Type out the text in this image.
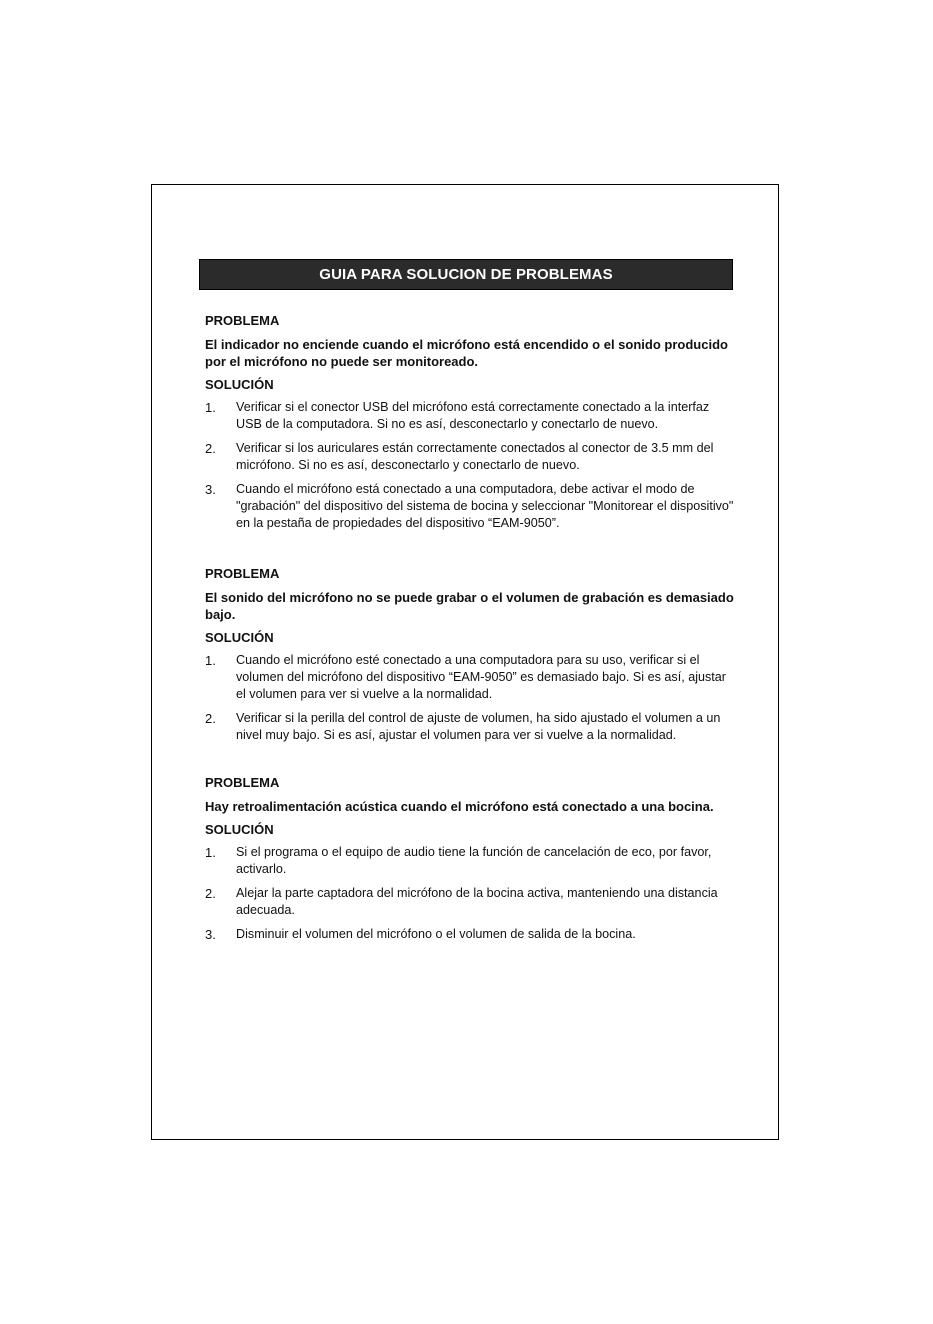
GUIA PARA SOLUCION DE PROBLEMAS
PROBLEMA
El indicador no enciende cuando el micrófono está encendido o el sonido producido por el micrófono no puede ser monitoreado.
SOLUCIÓN
1.	Verificar si el conector USB del micrófono está correctamente conectado a la interfaz USB de la computadora. Si no es así, desconectarlo y conectarlo de nuevo.
2.	Verificar si los auriculares están correctamente conectados al conector de 3.5 mm del micrófono. Si no es así, desconectarlo y conectarlo de nuevo.
3.	Cuando el micrófono está conectado a una computadora, debe activar el modo de "grabación" del dispositivo del sistema de bocina y seleccionar "Monitorear el dispositivo" en la pestaña de propiedades del dispositivo “EAM-9050”.
PROBLEMA
El sonido del micrófono no se puede grabar o el volumen de grabación es demasiado bajo.
SOLUCIÓN
1.	Cuando el micrófono esté conectado a una computadora para su uso, verificar si el volumen del micrófono del dispositivo “EAM-9050” es demasiado bajo. Si es así, ajustar el volumen para ver si vuelve a la normalidad.
2.	Verificar si la perilla del control de ajuste de volumen, ha sido ajustado el volumen a un nivel muy bajo. Si es así, ajustar el volumen para ver si vuelve a la normalidad.
PROBLEMA
Hay retroalimentación acústica cuando el micrófono está conectado a una bocina.
SOLUCIÓN
1.	Si el programa o el equipo de audio tiene la función de cancelación de eco, por favor, activarlo.
2.	Alejar la parte captadora del micrófono de la bocina activa, manteniendo una distancia adecuada.
3.	Disminuir el volumen del micrófono o el volumen de salida de la bocina.
